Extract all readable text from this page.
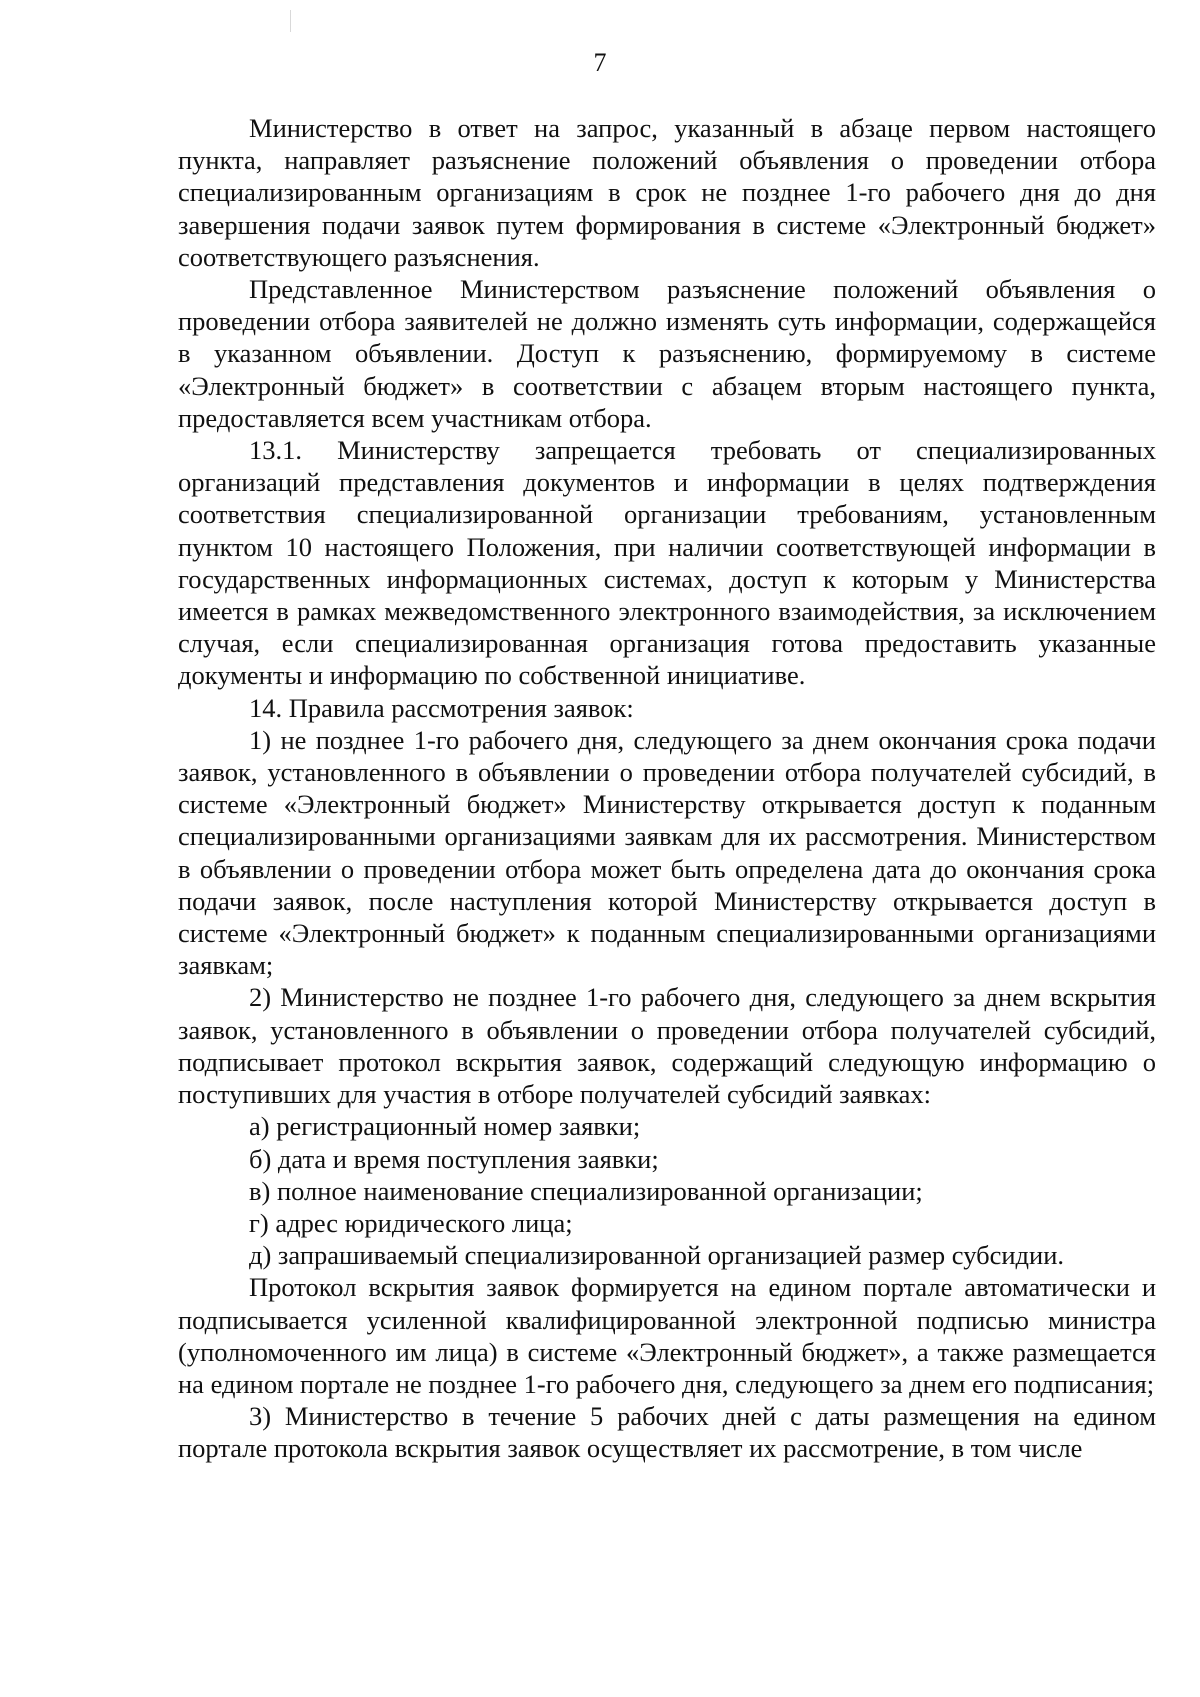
7

Министерство в ответ на запрос, указанный в абзаце первом настоящего пункта, направляет разъяснение положений объявления о проведении отбора специализированным организациям в срок не позднее 1-го рабочего дня до дня завершения подачи заявок путем формирования в системе «Электронный бюджет» соответствующего разъяснения.

Представленное Министерством разъяснение положений объявления о проведении отбора заявителей не должно изменять суть информации, содержащейся в указанном объявлении. Доступ к разъяснению, формируемому в системе «Электронный бюджет» в соответствии с абзацем вторым настоящего пункта, предоставляется всем участникам отбора.

13.1. Министерству запрещается требовать от специализированных организаций представления документов и информации в целях подтверждения соответствия специализированной организации требованиям, установленным пунктом 10 настоящего Положения, при наличии соответствующей информации в государственных информационных системах, доступ к которым у Министерства имеется в рамках межведомственного электронного взаимодействия, за исключением случая, если специализированная организация готова предоставить указанные документы и информацию по собственной инициативе.

14. Правила рассмотрения заявок:

1) не позднее 1-го рабочего дня, следующего за днем окончания срока подачи заявок, установленного в объявлении о проведении отбора получателей субсидий, в системе «Электронный бюджет» Министерству открывается доступ к поданным специализированными организациями заявкам для их рассмотрения. Министерством в объявлении о проведении отбора может быть определена дата до окончания срока подачи заявок, после наступления которой Министерству открывается доступ в системе «Электронный бюджет» к поданным специализированными организациями заявкам;

2) Министерство не позднее 1-го рабочего дня, следующего за днем вскрытия заявок, установленного в объявлении о проведении отбора получателей субсидий, подписывает протокол вскрытия заявок, содержащий следующую информацию о поступивших для участия в отборе получателей субсидий заявках:

а) регистрационный номер заявки;

б) дата и время поступления заявки;

в) полное наименование специализированной организации;

г) адрес юридического лица;

д) запрашиваемый специализированной организацией размер субсидии.

Протокол вскрытия заявок формируется на едином портале автоматически и подписывается усиленной квалифицированной электронной подписью министра (уполномоченного им лица) в системе «Электронный бюджет», а также размещается на едином портале не позднее 1-го рабочего дня, следующего за днем его подписания;

3) Министерство в течение 5 рабочих дней с даты размещения на едином портале протокола вскрытия заявок осуществляет их рассмотрение, в том числе
